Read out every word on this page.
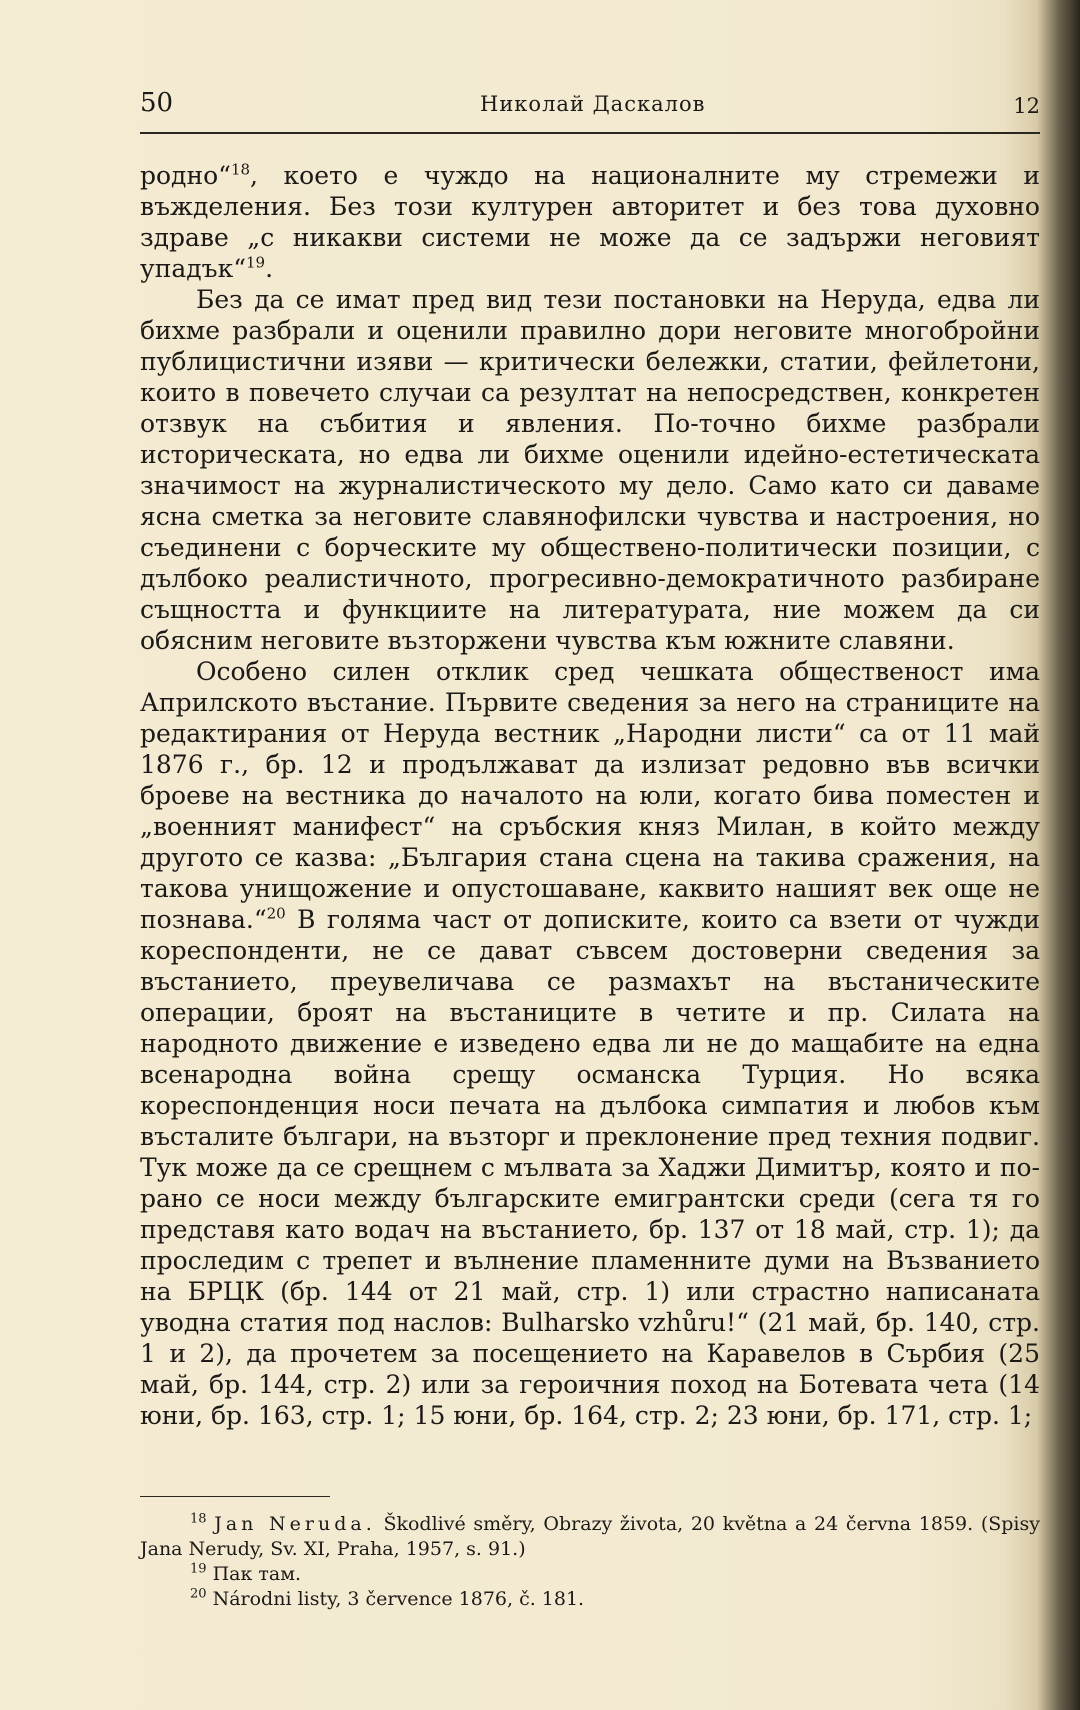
50	Николай Даскалов	12

родно“$^{18}$, което е чуждо на националните му стремежи и въжделения. Без този културен авторитет и без това духовно здраве „с никакви системи не може да се задържи неговият упадък“$^{19}$.

Без да се имат пред вид тези постановки на Неруда, едва ли бихме разбрали и оценили правилно дори неговите многобройни публицистични изяви — критически бележки, статии, фейлетони, които в повечето случаи са резултат на непосредствен, конкретен отзвук на събития и явления. По-точно бихме разбрали историческата, но едва ли бихме оценили идейно-естетическата значимост на журналистическото му дело. Само като си даваме ясна сметка за неговите славянофилски чувства и настроения, но съединени с борческите му обществено-политически позиции, с дълбоко реалистичното, прогресивно-демократичното разбиране същността и функциите на литературата, ние можем да си обясним неговите възторжени чувства към южните славяни.

Особено силен отклик сред чешката общественост има Априлското въстание. Първите сведения за него на страниците на редактирания от Неруда вестник „Народни листи“ са от 11 май 1876 г., бр. 12 и продължават да излизат редовно във всички броеве на вестника до началото на юли, когато бива поместен и „военният манифест“ на сръбския княз Милан, в който между другото се казва: „България стана сцена на такива сражения, на такова унищожение и опустошаване, каквито нашият век още не познава.“$^{20}$ В голяма част от дописките, които са взети от чужди кореспонденти, не се дават съвсем достоверни сведения за въстанието, преувеличава се размахът на въстаническите операции, броят на въстаниците в четите и пр. Силата на народното движение е изведено едва ли не до мащабите на една всенародна война срещу османска Турция. Но всяка кореспонденция носи печата на дълбока симпатия и любов към въсталите българи, на възторг и преклонение пред техния подвиг. Тук може да се срещнем с мълвата за Хаджи Димитър, която и по-рано се носи между българските емигрантски среди (сега тя го представя като водач на въстанието, бр. 137 от 18 май, стр. 1); да проследим с трепет и вълнение пламенните думи на Възванието на БРЦК (бр. 144 от 21 май, стр. 1) или страстно написаната уводна статия под наслов: Bulharsko vzhůru!“ (21 май, бр. 140, стр. 1 и 2), да прочетем за посещението на Каравелов в Сърбия (25 май, бр. 144, стр. 2) или за героичния поход на Ботевата чета (14 юни, бр. 163, стр. 1; 15 юни, бр. 164, стр. 2; 23 юни, бр. 171, стр. 1;

$^{18}$ Jan Neruda. Škodlivé směry, Obrazy života, 20 května a 24 června 1859. (Spisy Jana Nerudy, Sv. XI, Praha, 1957, s. 91.)

$^{19}$ Пак там.

$^{20}$ Národni listy, 3 července 1876, č. 181.
